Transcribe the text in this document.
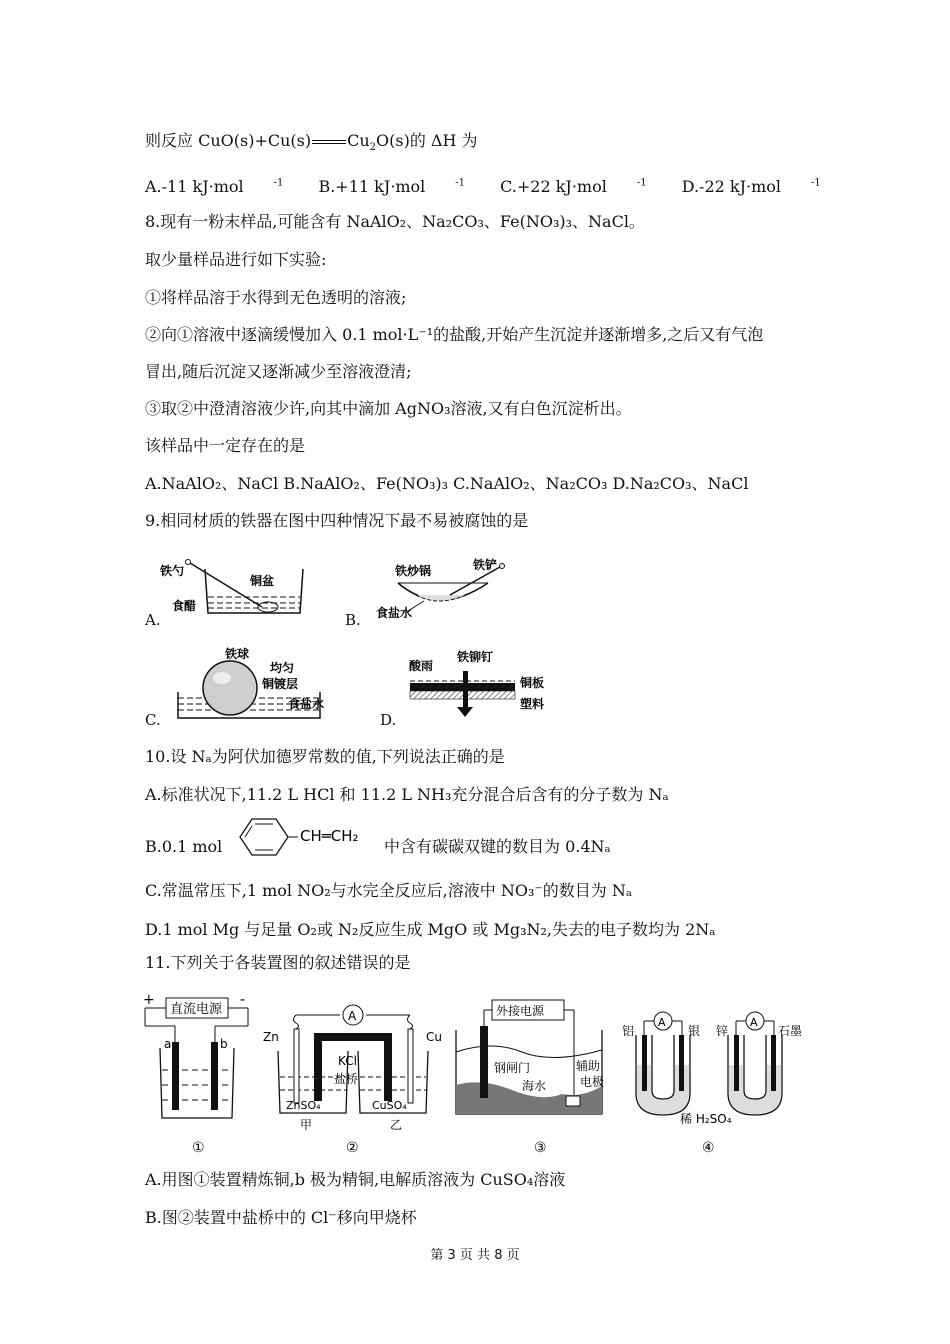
则反应 CuO(s)+Cu(s) $Cu_2O(s)$的 ΔH 为
A.-11 kJ·mol	$^{-1}$ B.+11 kJ·mol	$^{-1}$ C.+22 kJ·mol	$^{-1}$ D.-22 kJ·mol	$^{-1}$
8.现有一粉末样品,可能含有 NaAlO₂、Na₂CO₃、Fe(NO₃)₃、NaCl。
取少量样品进行如下实验:
①将样品溶于水得到无色透明的溶液;
②向①溶液中逐滴缓慢加入 0.1 mol·L⁻¹的盐酸,开始产生沉淀并逐渐增多,之后又有气泡
冒出,随后沉淀又逐渐减少至溶液澄清;
③取②中澄清溶液少许,向其中滴加 AgNO₃溶液,又有白色沉淀析出。
该样品中一定存在的是
A.NaAlO₂、NaCl B.NaAlO₂、Fe(NO₃)₃ C.NaAlO₂、Na₂CO₃ D.Na₂CO₃、NaCl
9.相同材质的铁器在图中四种情况下最不易被腐蚀的是
A.
铁勺
铜盆
食醋
B.
铁炒锅	铁铲
食盐水
C.
铁球
均匀
铜镀层
食盐水
D.
酸雨
铁铆钉
铜板
塑料
10.设 Nₐ为阿伏加德罗常数的值,下列说法正确的是
A.标准状况下,11.2 L HCl 和 11.2 L NH₃充分混合后含有的分子数为 Nₐ
B.0.1 mol
CH═CH₂
中含有碳碳双键的数目为 0.4Nₐ
C.常温常压下,1 mol NO₂与水完全反应后,溶液中 NO₃⁻的数目为 Nₐ
D.1 mol Mg 与足量 O₂或 N₂反应生成 MgO 或 Mg₃N₂,失去的电子数均为 2Nₐ
11.下列关于各装置图的叙述错误的是
+	-
直流电源
a	b
①
A
Zn	Cu
KCl
盐桥
ZnSO₄	CuSO₄
甲	乙
②
外接电源
钢闸门
海水
辅助
电极
③
铝
A
银 锌
A
石墨
稀 H₂SO₄
④
A.用图①装置精炼铜,b 极为精铜,电解质溶液为 CuSO₄溶液
B.图②装置中盐桥中的 Cl⁻移向甲烧杯
第 3 页 共 8 页
